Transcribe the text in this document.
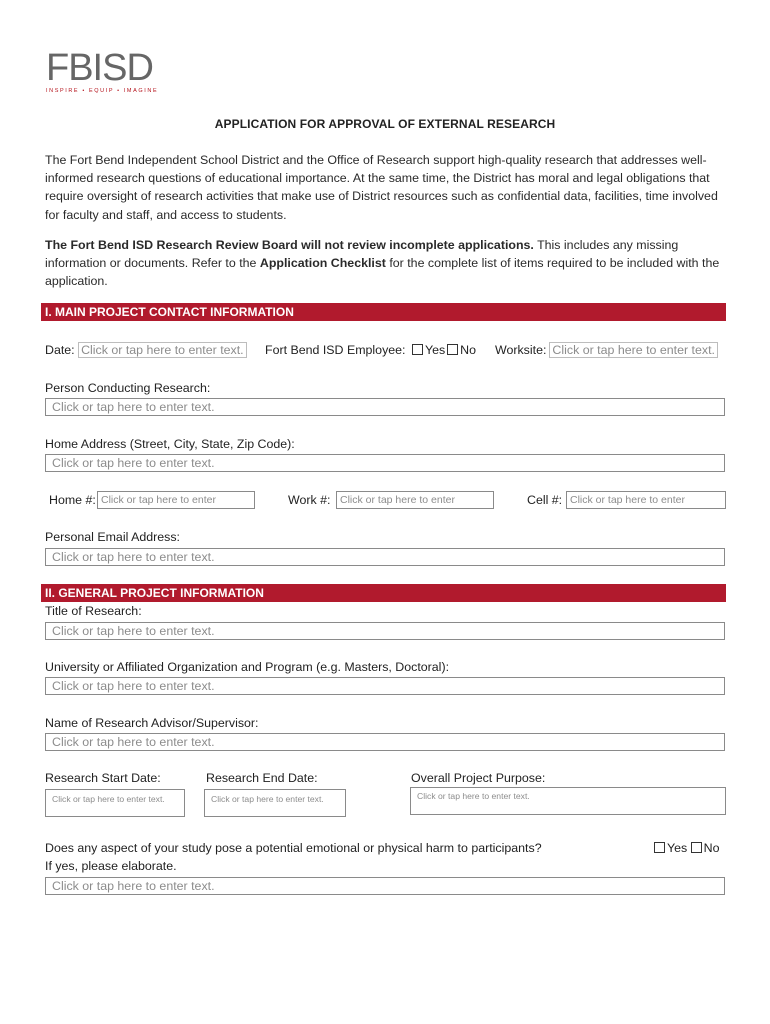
FBISD
INSPIRE • EQUIP • IMAGINE
APPLICATION FOR APPROVAL OF EXTERNAL RESEARCH
The Fort Bend Independent School District and the Office of Research support high-quality research that addresses well-informed research questions of educational importance. At the same time, the District has moral and legal obligations that require oversight of research activities that make use of District resources such as confidential data, facilities, time involved for faculty and staff, and access to students.
The Fort Bend ISD Research Review Board will not review incomplete applications. This includes any missing information or documents. Refer to the Application Checklist for the complete list of items required to be included with the application.
I. MAIN PROJECT CONTACT INFORMATION
Date: Click or tap here to enter text. Fort Bend ISD Employee: Yes No Worksite: Click or tap here to enter text.
Person Conducting Research:
Click or tap here to enter text.
Home Address (Street, City, State, Zip Code):
Click or tap here to enter text.
Home #: Click or tap here to enter	Work #: Click or tap here to enter	Cell #: Click or tap here to enter
Personal Email Address:
Click or tap here to enter text.
II. GENERAL PROJECT INFORMATION
Title of Research:
Click or tap here to enter text.
University or Affiliated Organization and Program (e.g. Masters, Doctoral):
Click or tap here to enter text.
Name of Research Advisor/Supervisor:
Click or tap here to enter text.
Research Start Date:
Click or tap here to enter text.
Research End Date:
Click or tap here to enter text.
Overall Project Purpose:
Click or tap here to enter text.
Does any aspect of your study pose a potential emotional or physical harm to participants?	Yes No
If yes, please elaborate.
Click or tap here to enter text.
